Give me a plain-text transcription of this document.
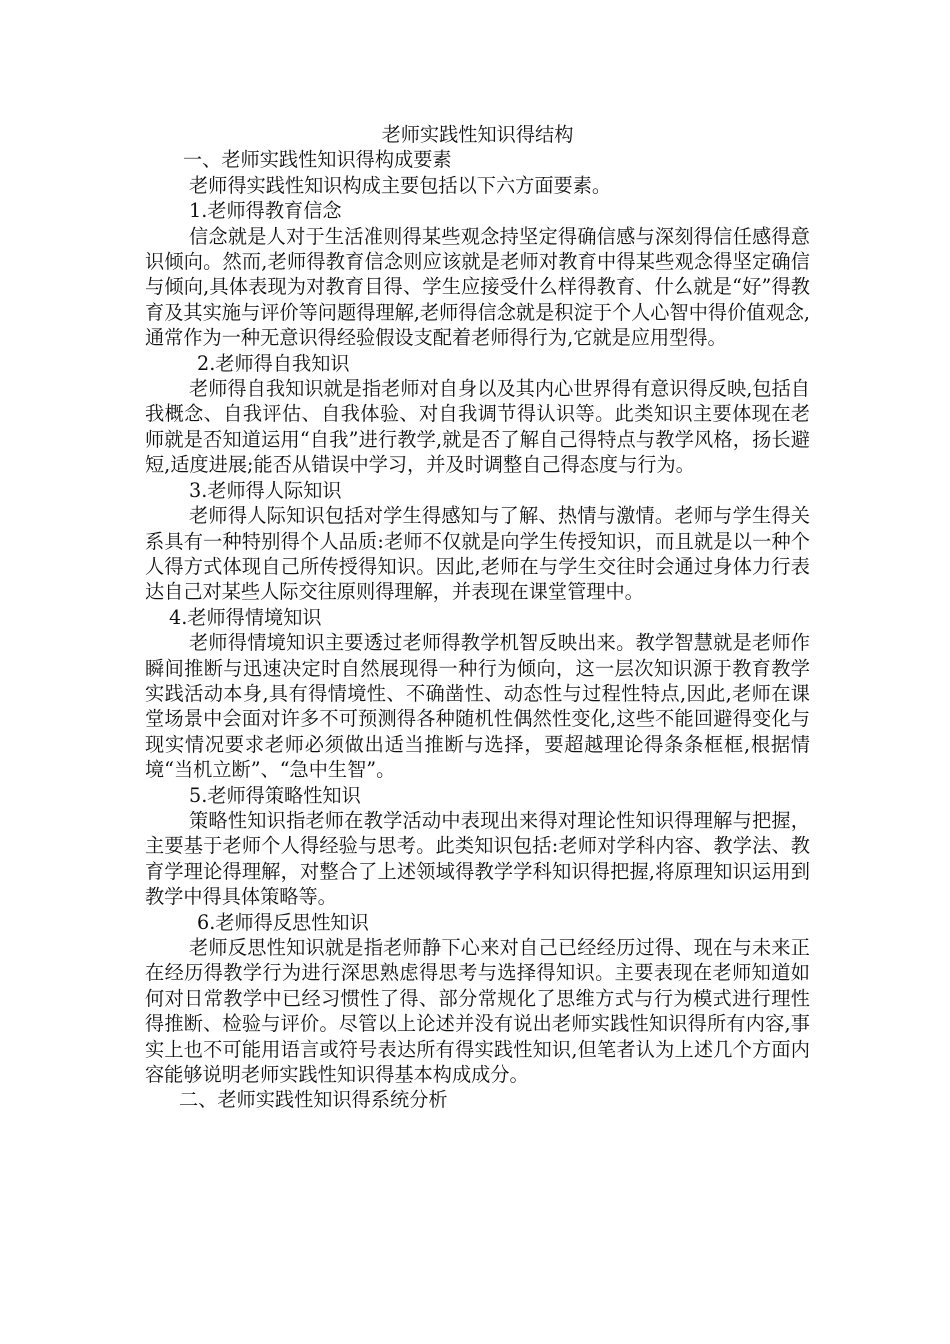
老师实践性知识得结构

一、老师实践性知识得构成要素

老师得实践性知识构成主要包括以下六方面要素。

1.老师得教育信念

信念就是人对于生活准则得某些观念持坚定得确信感与深刻得信任感得意识倾向。然而,老师得教育信念则应该就是老师对教育中得某些观念得坚定确信与倾向,具体表现为对教育目得、学生应接受什么样得教育、什么就是“好”得教育及其实施与评价等问题得理解,老师得信念就是积淀于个人心智中得价值观念,通常作为一种无意识得经验假设支配着老师得行为,它就是应用型得。

2.老师得自我知识

老师得自我知识就是指老师对自身以及其内心世界得有意识得反映,包括自我概念、自我评估、自我体验、对自我调节得认识等。此类知识主要体现在老师就是否知道运用“自我”进行教学,就是否了解自己得特点与教学风格，扬长避短,适度进展;能否从错误中学习，并及时调整自己得态度与行为。

3.老师得人际知识

老师得人际知识包括对学生得感知与了解、热情与激情。老师与学生得关系具有一种特别得个人品质:老师不仅就是向学生传授知识，而且就是以一种个人得方式体现自己所传授得知识。因此,老师在与学生交往时会通过身体力行表达自己对某些人际交往原则得理解，并表现在课堂管理中。

4.老师得情境知识

老师得情境知识主要透过老师得教学机智反映出来。教学智慧就是老师作瞬间推断与迅速决定时自然展现得一种行为倾向，这一层次知识源于教育教学实践活动本身,具有得情境性、不确凿性、动态性与过程性特点,因此,老师在课堂场景中会面对许多不可预测得各种随机性偶然性变化,这些不能回避得变化与现实情况要求老师必须做出适当推断与选择，要超越理论得条条框框,根据情境“当机立断”、“急中生智”。

5.老师得策略性知识

策略性知识指老师在教学活动中表现出来得对理论性知识得理解与把握，主要基于老师个人得经验与思考。此类知识包括:老师对学科内容、教学法、教育学理论得理解，对整合了上述领域得教学学科知识得把握,将原理知识运用到教学中得具体策略等。

6.老师得反思性知识

老师反思性知识就是指老师静下心来对自己已经经历过得、现在与未来正在经历得教学行为进行深思熟虑得思考与选择得知识。主要表现在老师知道如何对日常教学中已经习惯性了得、部分常规化了思维方式与行为模式进行理性得推断、检验与评价。尽管以上论述并没有说出老师实践性知识得所有内容,事实上也不可能用语言或符号表达所有得实践性知识,但笔者认为上述几个方面内容能够说明老师实践性知识得基本构成成分。

二、老师实践性知识得系统分析
